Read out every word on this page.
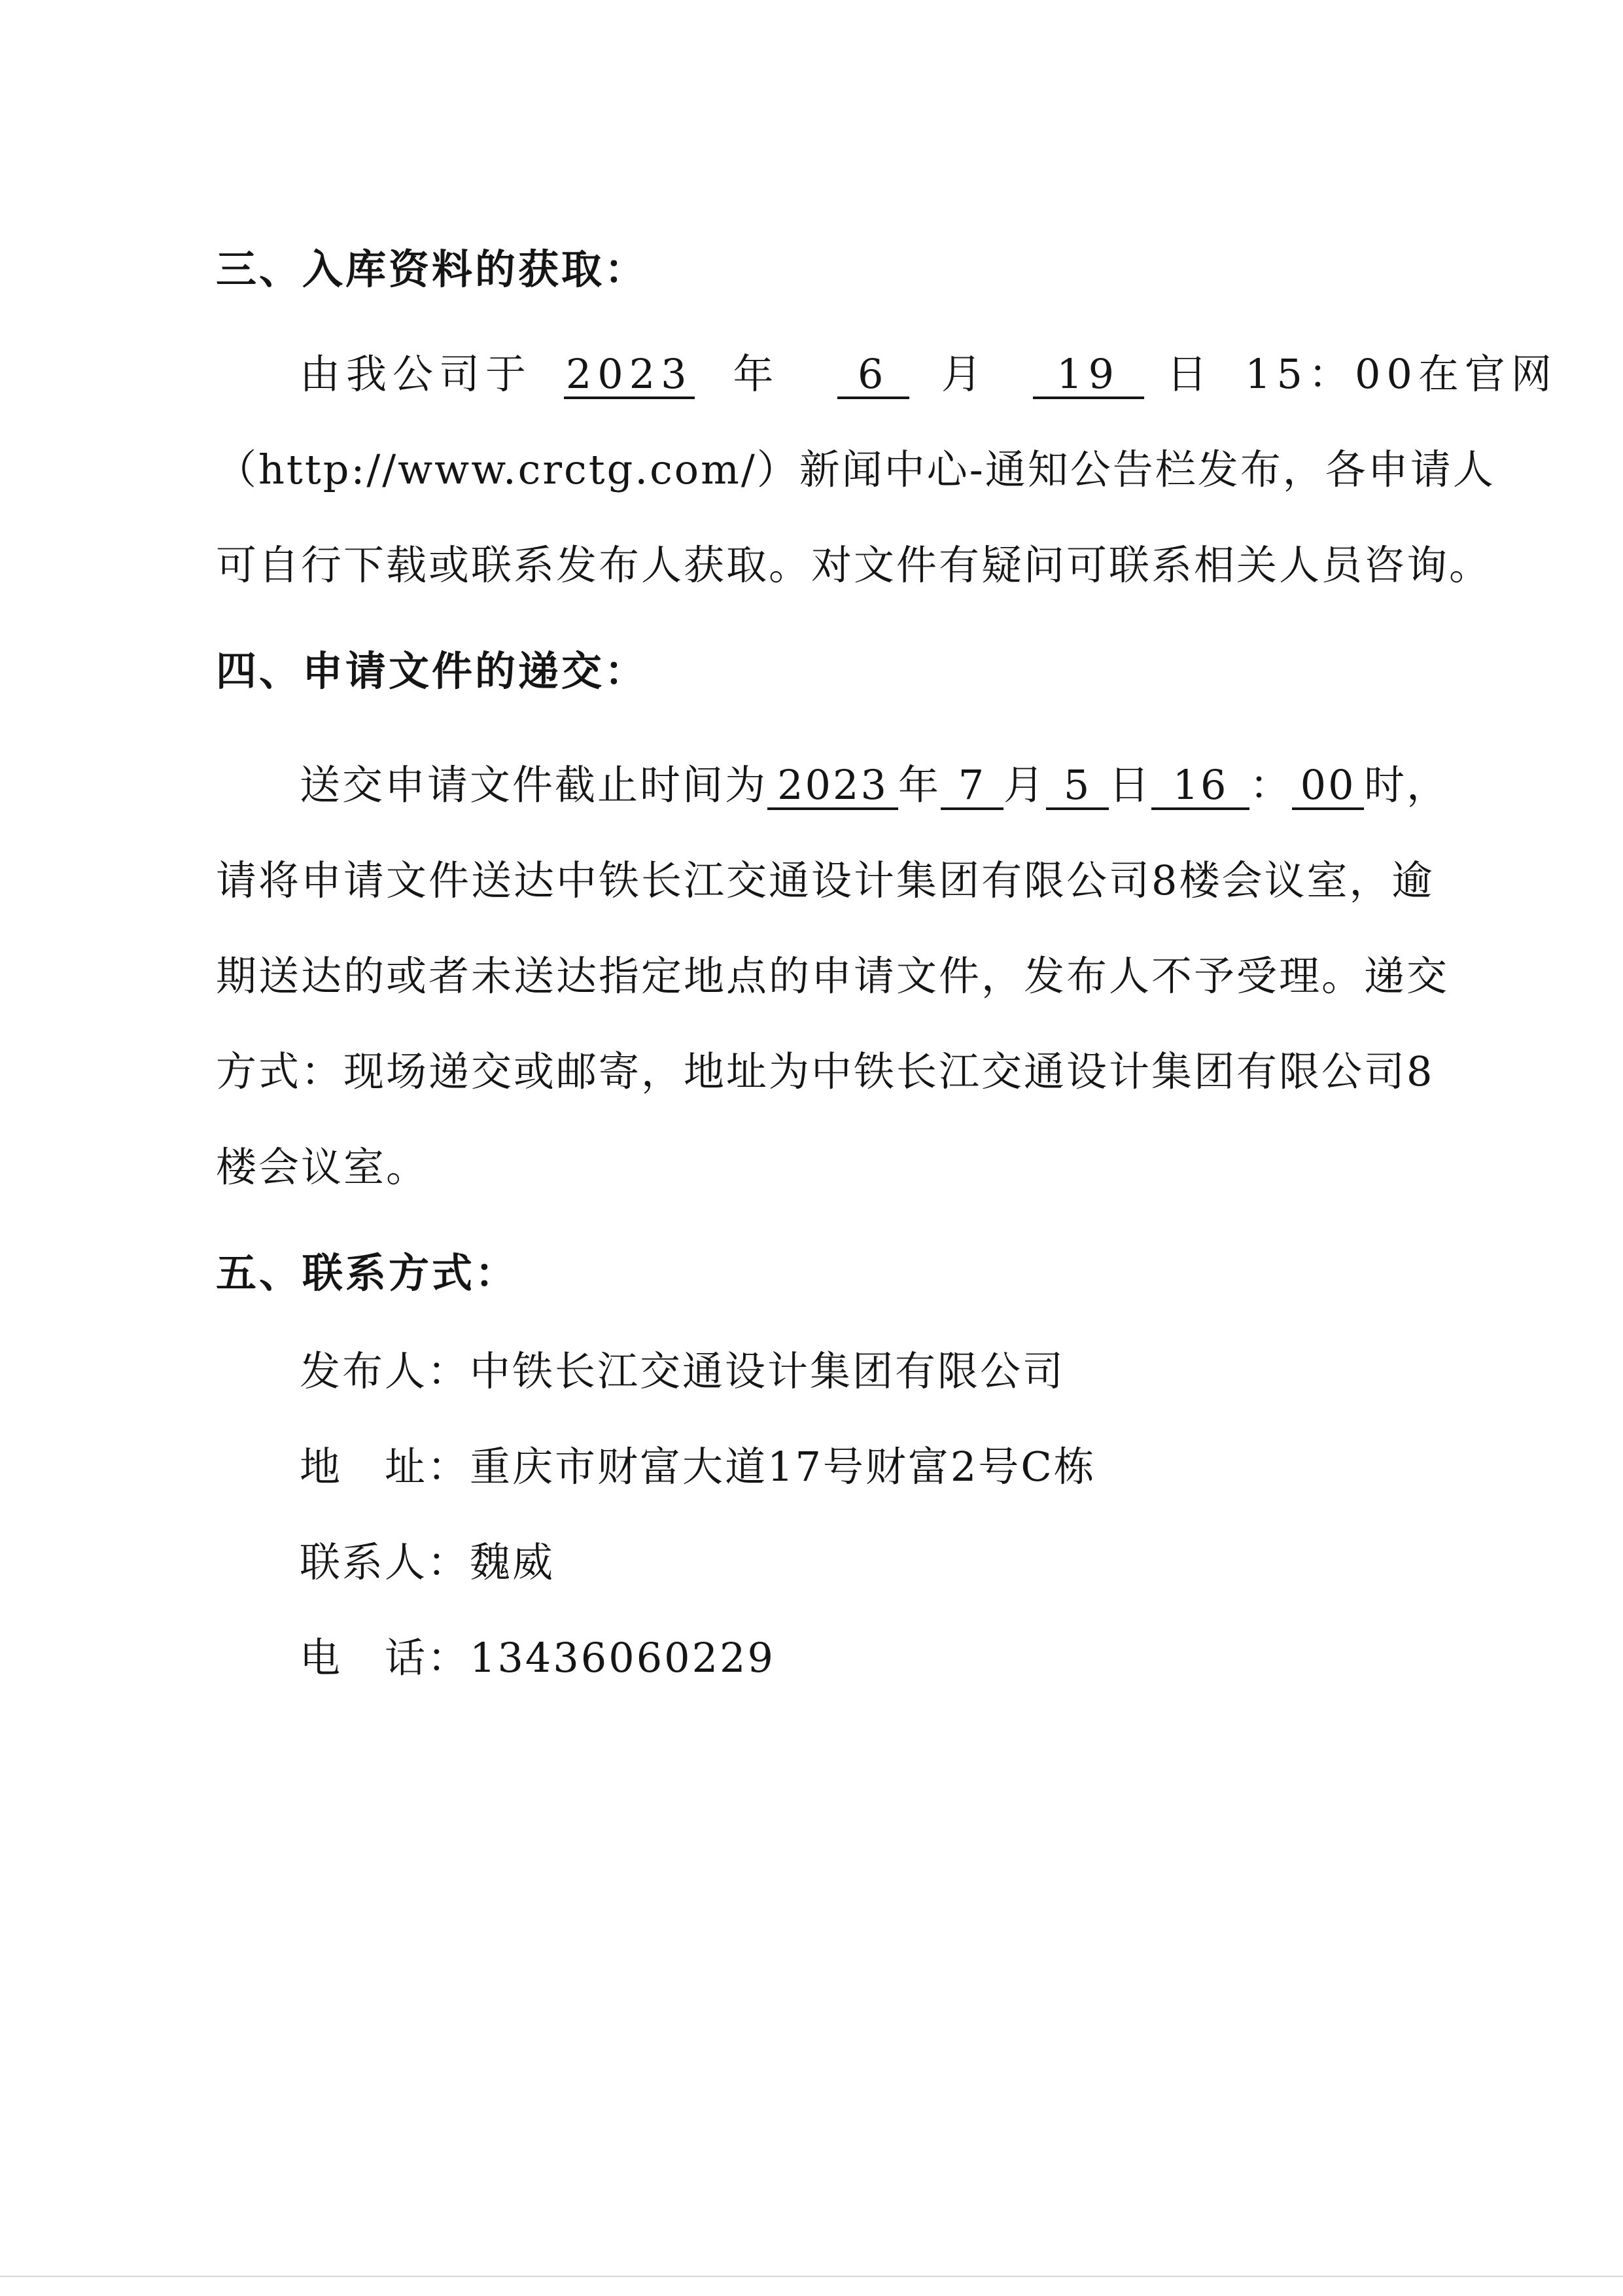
三、入库资料的获取：
由我公司于 2023 年 6 月 19 日 15：00在官网
（http://www.crctg.com/）新闻中心-通知公告栏发布，各申请人
可自行下载或联系发布人获取。对文件有疑问可联系相关人员咨询。
四、申请文件的递交：
送交申请文件截止时间为 2023 年 7 月 5 日 16 ： 00 时，
请将申请文件送达中铁长江交通设计集团有限公司8楼会议室，逾
期送达的或者未送达指定地点的申请文件，发布人不予受理。递交
方式：现场递交或邮寄，地址为中铁长江交通设计集团有限公司8
楼会议室。
五、联系方式：
发布人：中铁长江交通设计集团有限公司
地　址：重庆市财富大道17号财富2号C栋
联系人：魏威
电　话：13436060229
